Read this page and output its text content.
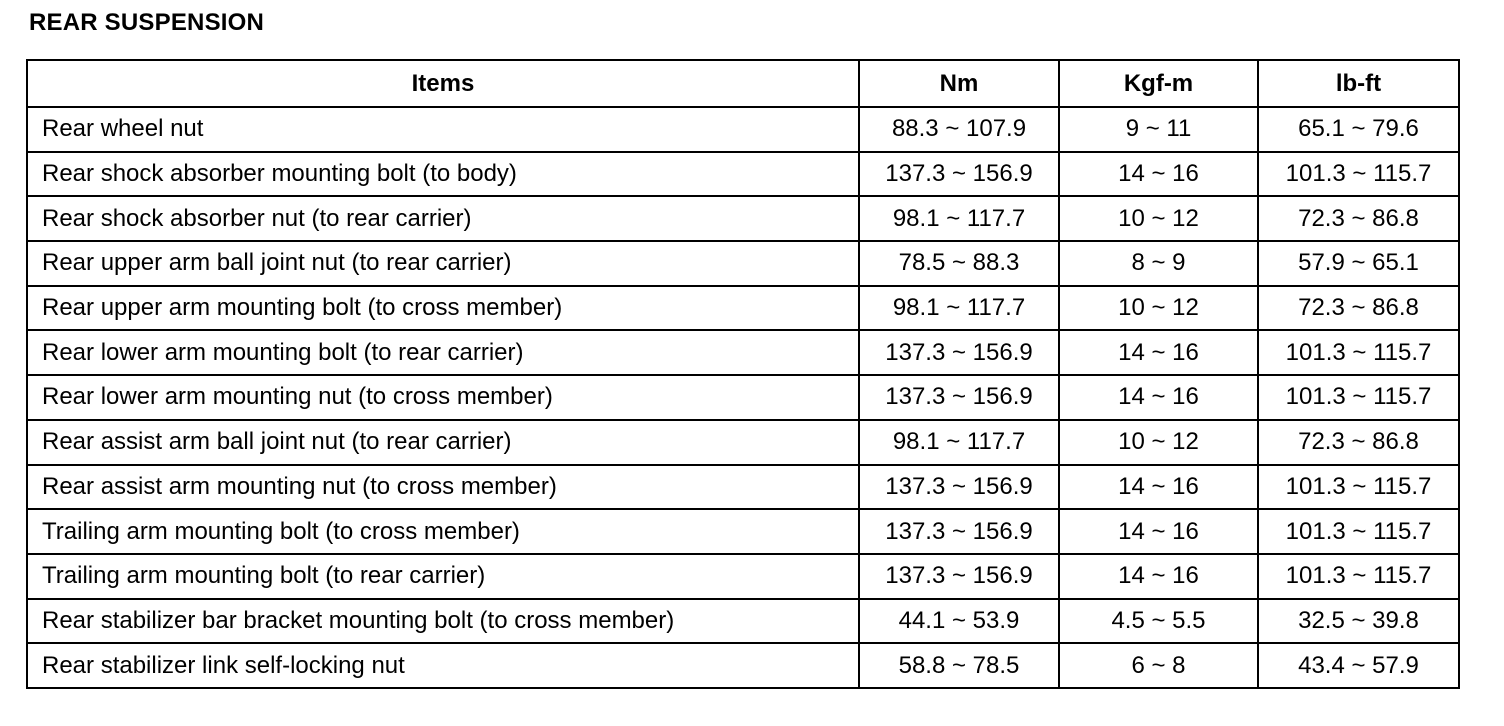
REAR SUSPENSION
Items	Nm	Kgf-m	lb-ft
Rear wheel nut	88.3 ~ 107.9	9 ~ 11	65.1 ~ 79.6
Rear shock absorber mounting bolt (to body)	137.3 ~ 156.9	14 ~ 16	101.3 ~ 115.7
Rear shock absorber nut (to rear carrier)	98.1 ~ 117.7	10 ~ 12	72.3 ~ 86.8
Rear upper arm ball joint nut (to rear carrier)	78.5 ~ 88.3	8 ~ 9	57.9 ~ 65.1
Rear upper arm mounting bolt (to cross member)	98.1 ~ 117.7	10 ~ 12	72.3 ~ 86.8
Rear lower arm mounting bolt (to rear carrier)	137.3 ~ 156.9	14 ~ 16	101.3 ~ 115.7
Rear lower arm mounting nut (to cross member)	137.3 ~ 156.9	14 ~ 16	101.3 ~ 115.7
Rear assist arm ball joint nut (to rear carrier)	98.1 ~ 117.7	10 ~ 12	72.3 ~ 86.8
Rear assist arm mounting nut (to cross member)	137.3 ~ 156.9	14 ~ 16	101.3 ~ 115.7
Trailing arm mounting bolt (to cross member)	137.3 ~ 156.9	14 ~ 16	101.3 ~ 115.7
Trailing arm mounting bolt (to rear carrier)	137.3 ~ 156.9	14 ~ 16	101.3 ~ 115.7
Rear stabilizer bar bracket mounting bolt (to cross member)	44.1 ~ 53.9	4.5 ~ 5.5	32.5 ~ 39.8
Rear stabilizer link self-locking nut	58.8 ~ 78.5	6 ~ 8	43.4 ~ 57.9
